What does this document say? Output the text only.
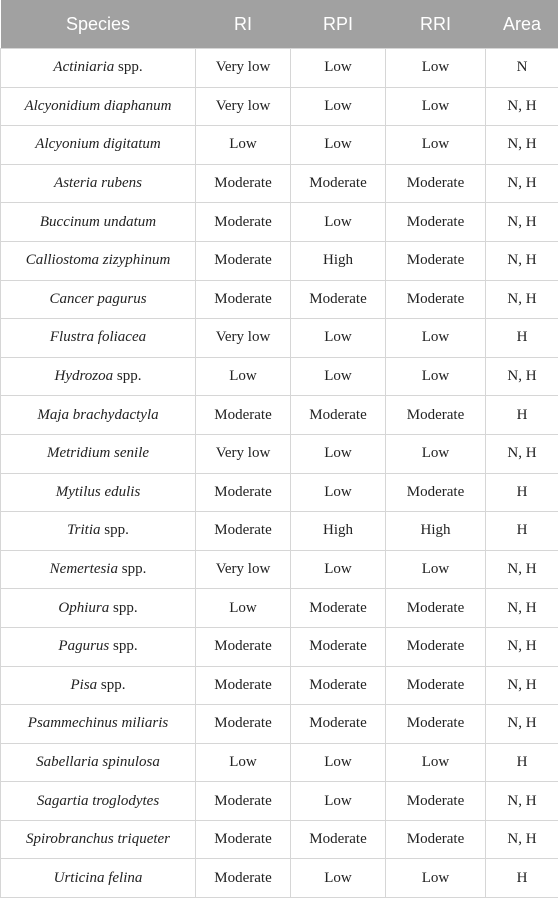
Species	RI	RPI	RRI	Area
Actiniaria spp.	Very low	Low	Low	N
Alcyonidium diaphanum	Very low	Low	Low	N, H
Alcyonium digitatum	Low	Low	Low	N, H
Asteria rubens	Moderate	Moderate	Moderate	N, H
Buccinum undatum	Moderate	Low	Moderate	N, H
Calliostoma zizyphinum	Moderate	High	Moderate	N, H
Cancer pagurus	Moderate	Moderate	Moderate	N, H
Flustra foliacea	Very low	Low	Low	H
Hydrozoa spp.	Low	Low	Low	N, H
Maja brachydactyla	Moderate	Moderate	Moderate	H
Metridium senile	Very low	Low	Low	N, H
Mytilus edulis	Moderate	Low	Moderate	H
Tritia spp.	Moderate	High	High	H
Nemertesia spp.	Very low	Low	Low	N, H
Ophiura spp.	Low	Moderate	Moderate	N, H
Pagurus spp.	Moderate	Moderate	Moderate	N, H
Pisa spp.	Moderate	Moderate	Moderate	N, H
Psammechinus miliaris	Moderate	Moderate	Moderate	N, H
Sabellaria spinulosa	Low	Low	Low	H
Sagartia troglodytes	Moderate	Low	Moderate	N, H
Spirobranchus triqueter	Moderate	Moderate	Moderate	N, H
Urticina felina	Moderate	Low	Low	H
